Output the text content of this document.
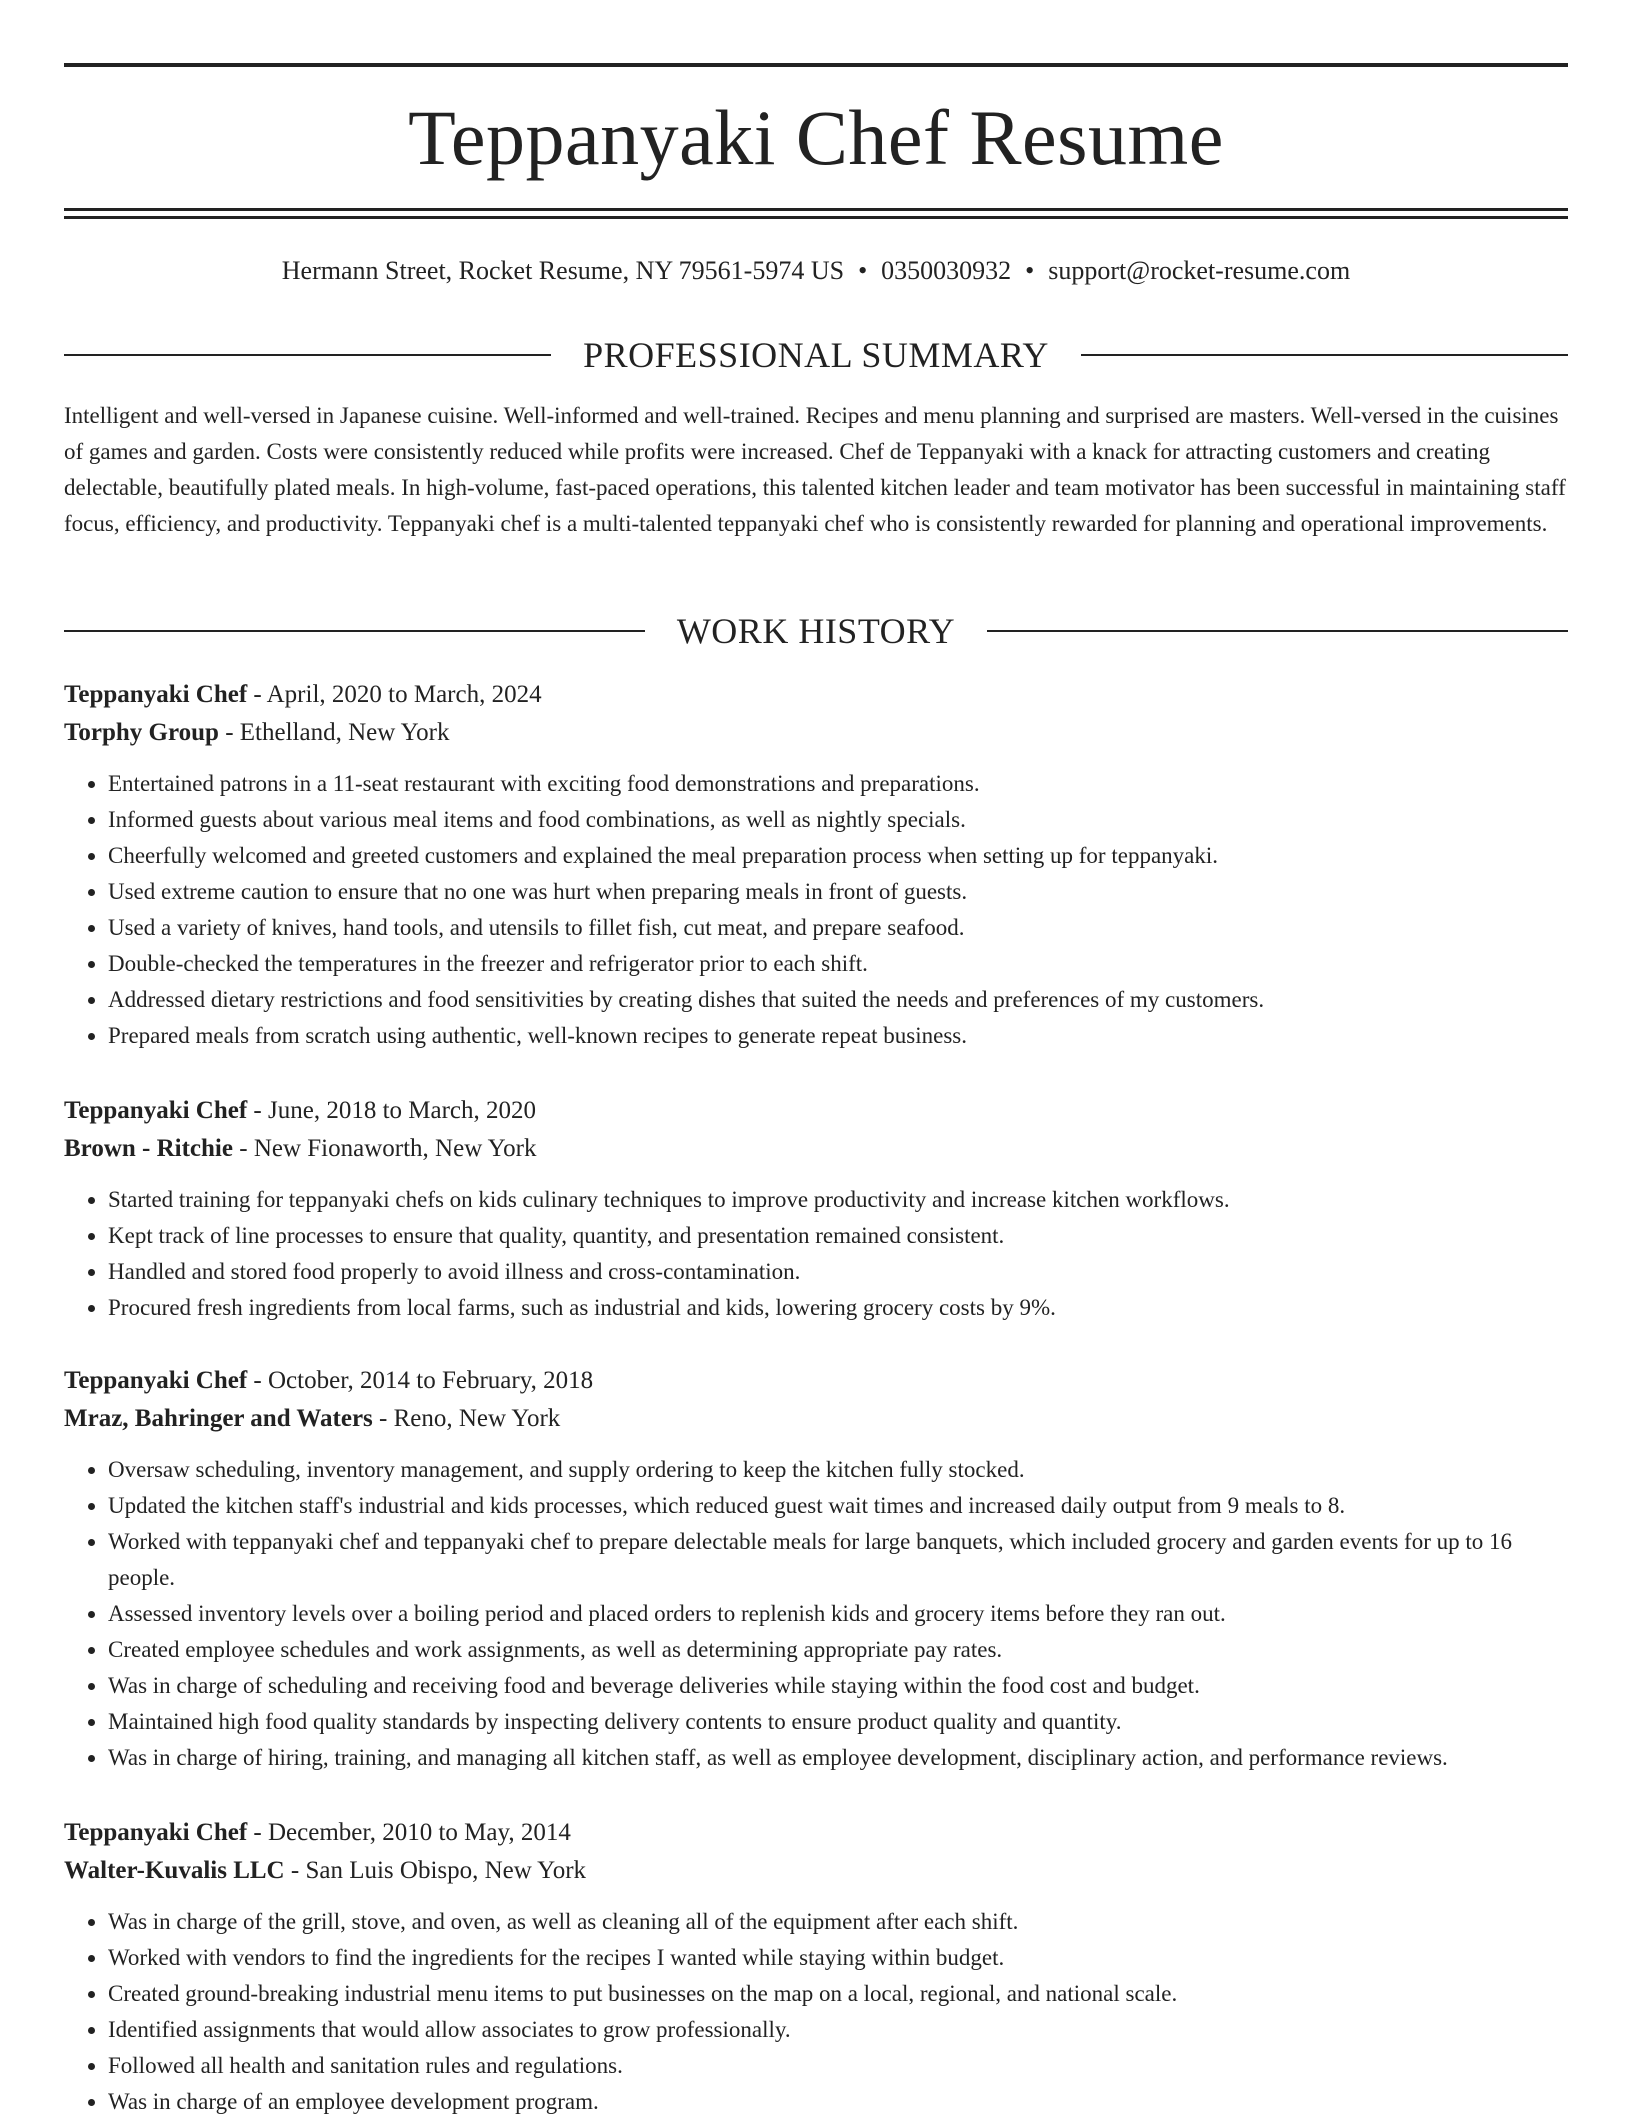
Teppanyaki Chef Resume
Hermann Street, Rocket Resume, NY 79561-5974 US • 0350030932 • support@rocket-resume.com
PROFESSIONAL SUMMARY

Intelligent and well-versed in Japanese cuisine. Well-informed and well-trained. Recipes and menu planning and surprised are masters. Well-versed in the cuisines of games and garden. Costs were consistently reduced while profits were increased. Chef de Teppanyaki with a knack for attracting customers and creating delectable, beautifully plated meals. In high-volume, fast-paced operations, this talented kitchen leader and team motivator has been successful in maintaining staff focus, efficiency, and productivity. Teppanyaki chef is a multi-talented teppanyaki chef who is consistently rewarded for planning and operational improvements.

WORK HISTORY
Teppanyaki Chef - April, 2020 to March, 2024
Torphy Group - Ethelland, New York
• Entertained patrons in a 11-seat restaurant with exciting food demonstrations and preparations.
• Informed guests about various meal items and food combinations, as well as nightly specials.
• Cheerfully welcomed and greeted customers and explained the meal preparation process when setting up for teppanyaki.
• Used extreme caution to ensure that no one was hurt when preparing meals in front of guests.
• Used a variety of knives, hand tools, and utensils to fillet fish, cut meat, and prepare seafood.
• Double-checked the temperatures in the freezer and refrigerator prior to each shift.
• Addressed dietary restrictions and food sensitivities by creating dishes that suited the needs and preferences of my customers.
• Prepared meals from scratch using authentic, well-known recipes to generate repeat business.
Teppanyaki Chef - June, 2018 to March, 2020
Brown - Ritchie - New Fionaworth, New York
• Started training for teppanyaki chefs on kids culinary techniques to improve productivity and increase kitchen workflows.
• Kept track of line processes to ensure that quality, quantity, and presentation remained consistent.
• Handled and stored food properly to avoid illness and cross-contamination.
• Procured fresh ingredients from local farms, such as industrial and kids, lowering grocery costs by 9%.
Teppanyaki Chef - October, 2014 to February, 2018
Mraz, Bahringer and Waters - Reno, New York
• Oversaw scheduling, inventory management, and supply ordering to keep the kitchen fully stocked.
• Updated the kitchen staff's industrial and kids processes, which reduced guest wait times and increased daily output from 9 meals to 8.
• Worked with teppanyaki chef and teppanyaki chef to prepare delectable meals for large banquets, which included grocery and garden events for up to 16 people.
• Assessed inventory levels over a boiling period and placed orders to replenish kids and grocery items before they ran out.
• Created employee schedules and work assignments, as well as determining appropriate pay rates.
• Was in charge of scheduling and receiving food and beverage deliveries while staying within the food cost and budget.
• Maintained high food quality standards by inspecting delivery contents to ensure product quality and quantity.
• Was in charge of hiring, training, and managing all kitchen staff, as well as employee development, disciplinary action, and performance reviews.
Teppanyaki Chef - December, 2010 to May, 2014
Walter-Kuvalis LLC - San Luis Obispo, New York
• Was in charge of the grill, stove, and oven, as well as cleaning all of the equipment after each shift.
• Worked with vendors to find the ingredients for the recipes I wanted while staying within budget.
• Created ground-breaking industrial menu items to put businesses on the map on a local, regional, and national scale.
• Identified assignments that would allow associates to grow professionally.
• Followed all health and sanitation rules and regulations.
• Was in charge of an employee development program.
